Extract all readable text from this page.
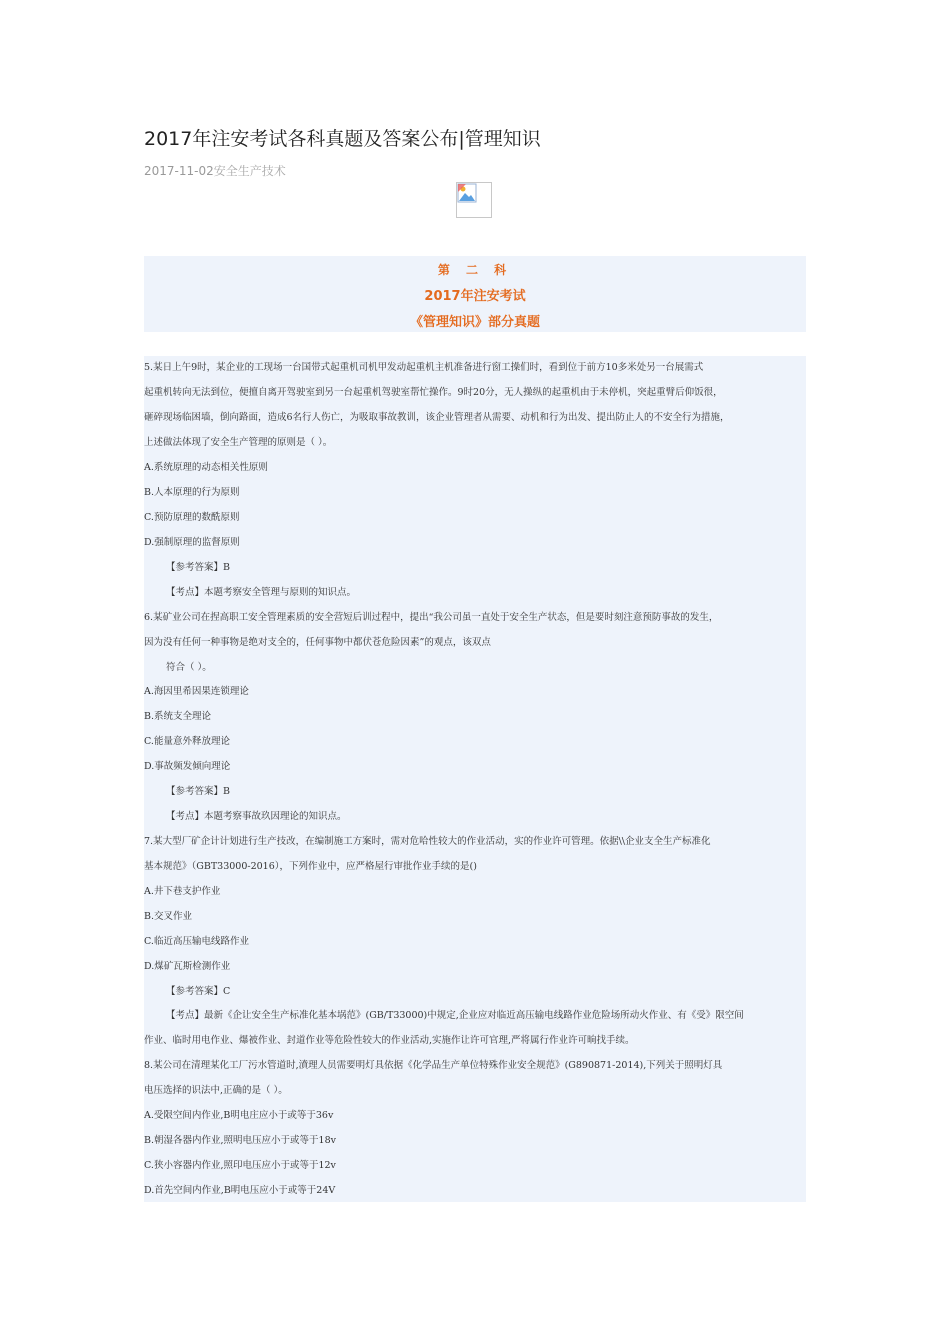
2017年注安考试各科真题及答案公布|管理知识
2017-11-02安全生产技术
第 二 科
2017年注安考试
《管理知识》部分真题
5.某日上午9时，某企业的工现场一台国带式起重机司机甲发动起重机主机准备进行窗工操们时，看到位于前方10多米处另一台展需式
起重机转向无法到位，便擅自离开驾驶室到另一台起重机驾驶室帮忙操作。9时20分，无人操纵的起重机由于未停机，突起重臂后仰饭很，
砸碎现场临困墙，倒向路面，造成6名行人伤亡，为吸取事故教训，该企业管理者从需要、动机和行为出发、提出防止人的不安全行为措施，
上述做法体现了安全生产管理的原则是（ ）。
A.系统原理的动态相关性原则
B.人本原理的行为原则
C.预防原理的数酰原则
D.强制原理的监督原则
【参考答案】B
【考点】本题考察安全管理与原则的知识点。
6.某矿业公司在捏高职工安全管理素质的安全营短后训过程中，提出“我公司虽一直处于安全生产状态，但是要时刻注意预防事故的发生，
因为没有任何一种事物是绝对支全的，任何事物中都伏苍危险因素”的观点，该双点
符合（ ）。
A.海因里希因果连锁理论
B.系统支全理论
C.能量意外释放理论
D.事故频发倾向理论
【参考答案】B
【考点】本题考察事故玖因理论的知识点。
7.某大型厂矿企计计划进行生产技改，在编制施工方案时，需对危哈性较大的作业活动，实的作业许可管理。依据\\企业支全生产标准化
基本规范》（GBT33000-2016），下列作业中，应严格屋行审批作业手续的是()
A.井下巷支护作业
B.交叉作业
C.临近高压输电线路作业
D.煤矿瓦斯检测作业
【参考答案】C
【考点】最新《企让安全生产标准化基本埚范》(GB/T33000)中规定,企业应对临近高压输电线路作业危险场所动火作业、有《受》限空间
作业、临时用电作业、爆被作业、封道作业等危险性较大的作业活动,实施作让许可官理,严将属行作业许可晌找手续。
8.某公司在清理某化工厂污水管道时,濆理人员需要明灯具依据《化学品生产单位特殊作业安全规范》(G890871-2014),下列关于照明灯具
电压选择的识法中,正确的是（ ）。
A.受限空间内作业,B明电庄应小于或等于36v
B.朝湿各器内作业,照明电压应小于或等于18v
C.狭小容器内作业,照印电压应小于或等于12v
D.首先空间内作业,B明电压应小于或等于24V
